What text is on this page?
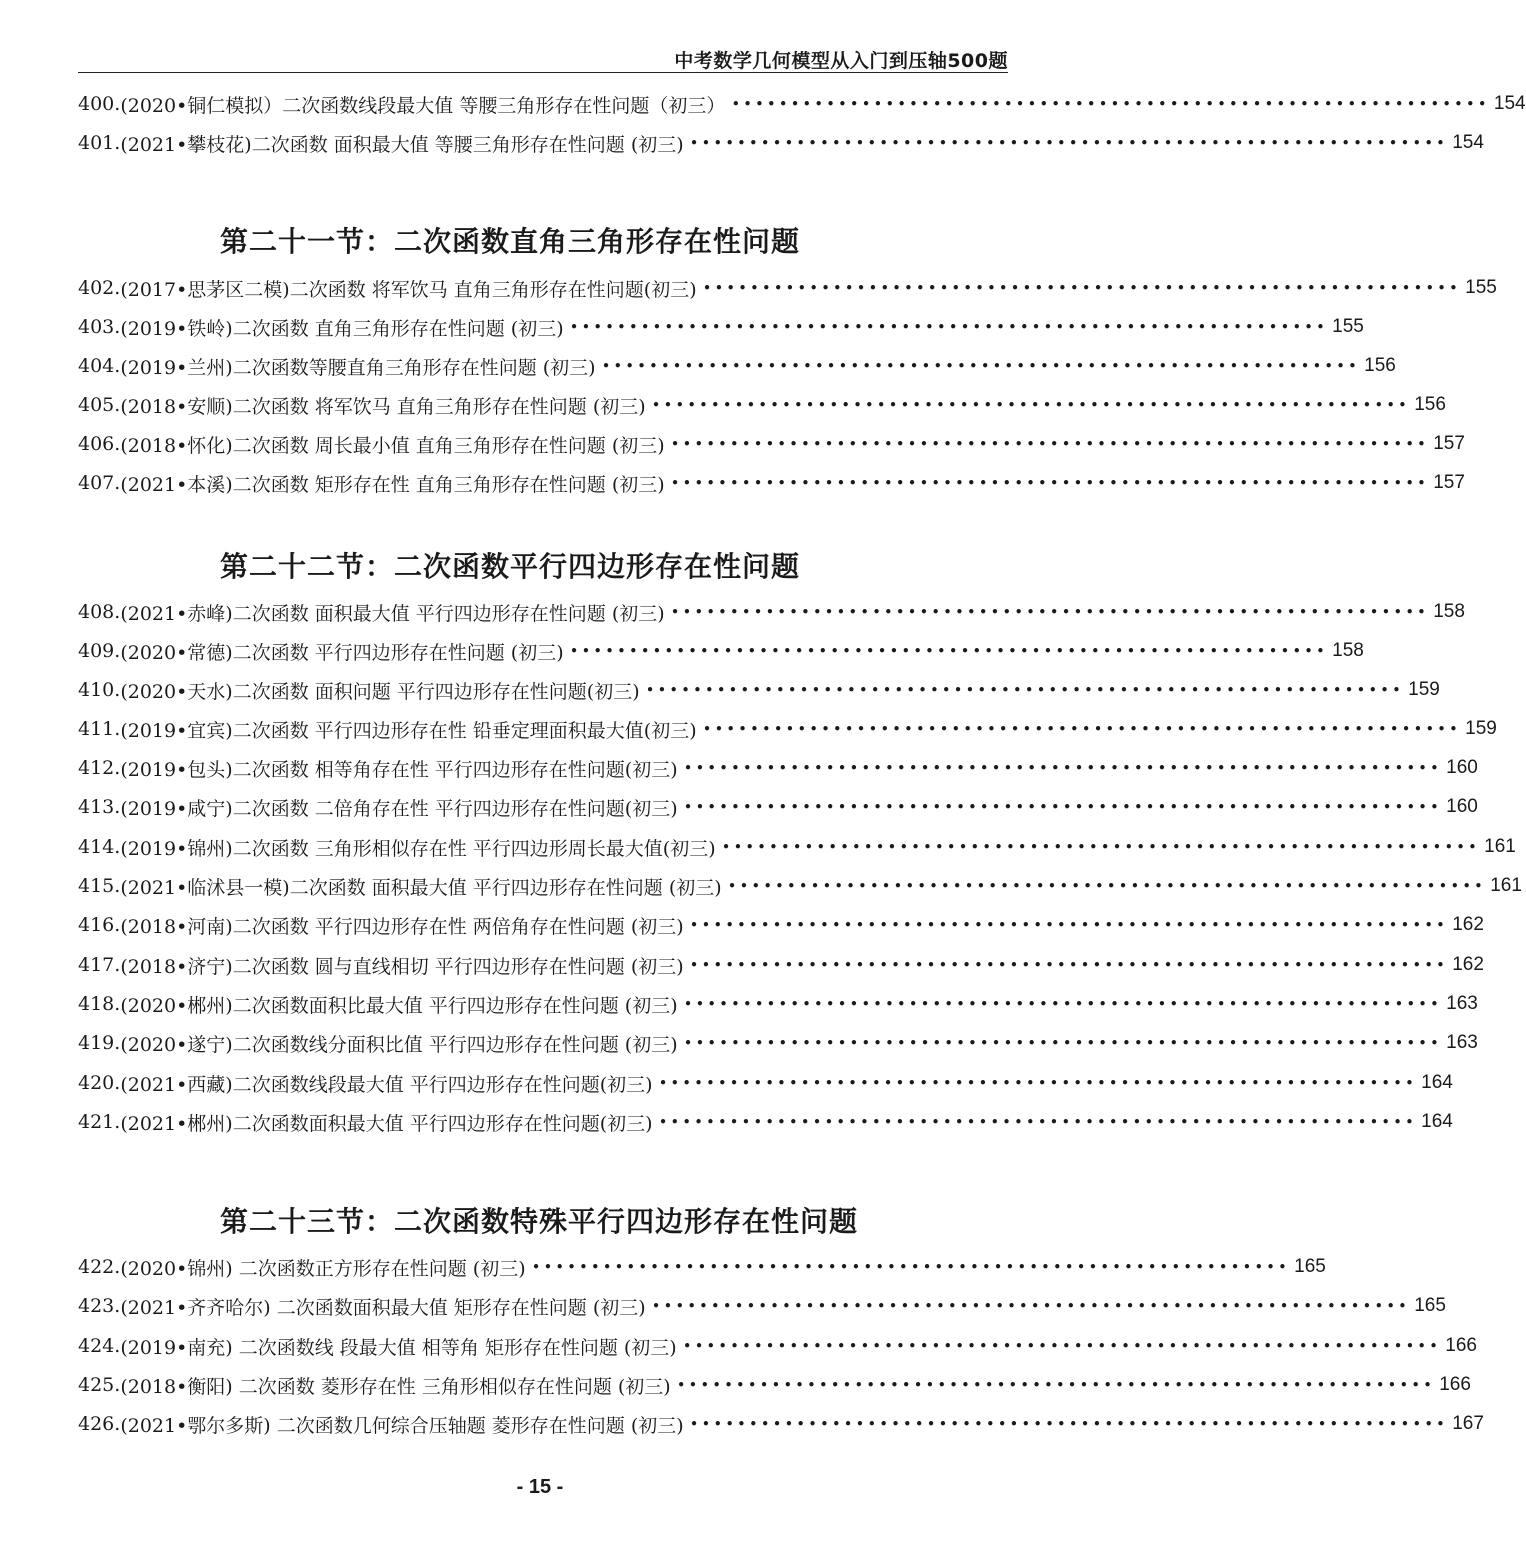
中考数学几何模型从入门到压轴500题
400. (2020•铜仁模拟）二次函数线段最大值 等腰三角形存在性问题（初三） •••••••••••••••••••••••••••••••••••••••••••••••••••••••••••••••• 154
401. (2021•攀枝花)二次函数 面积最大值 等腰三角形存在性问题 (初三) •••••••••••••••••••••••••••••••••••••••••••••••••••••••••••••••• 154
第二十一节：二次函数直角三角形存在性问题
402. (2017•思茅区二模)二次函数 将军饮马 直角三角形存在性问题(初三) •••••••••••••••••••••••••••••••••••••••••••••••••••••••••••••••• 155
403. (2019•铁岭)二次函数 直角三角形存在性问题 (初三) •••••••••••••••••••••••••••••••••••••••••••••••••••••••••••••••• 155
404. (2019•兰州)二次函数等腰直角三角形存在性问题 (初三) •••••••••••••••••••••••••••••••••••••••••••••••••••••••••••••••• 156
405. (2018•安顺)二次函数 将军饮马 直角三角形存在性问题 (初三) •••••••••••••••••••••••••••••••••••••••••••••••••••••••••••••••• 156
406. (2018•怀化)二次函数 周长最小值 直角三角形存在性问题 (初三) •••••••••••••••••••••••••••••••••••••••••••••••••••••••••••••••• 157
407. (2021•本溪)二次函数 矩形存在性 直角三角形存在性问题 (初三) •••••••••••••••••••••••••••••••••••••••••••••••••••••••••••••••• 157
第二十二节：二次函数平行四边形存在性问题
408. (2021•赤峰)二次函数 面积最大值 平行四边形存在性问题 (初三) •••••••••••••••••••••••••••••••••••••••••••••••••••••••••••••••• 158
409. (2020•常德)二次函数 平行四边形存在性问题 (初三) •••••••••••••••••••••••••••••••••••••••••••••••••••••••••••••••• 158
410. (2020•天水)二次函数 面积问题 平行四边形存在性问题(初三) •••••••••••••••••••••••••••••••••••••••••••••••••••••••••••••••• 159
411. (2019•宜宾)二次函数 平行四边形存在性 铅垂定理面积最大值(初三) •••••••••••••••••••••••••••••••••••••••••••••••••••••••••••••••• 159
412. (2019•包头)二次函数 相等角存在性 平行四边形存在性问题(初三) •••••••••••••••••••••••••••••••••••••••••••••••••••••••••••••••• 160
413. (2019•咸宁)二次函数 二倍角存在性 平行四边形存在性问题(初三) •••••••••••••••••••••••••••••••••••••••••••••••••••••••••••••••• 160
414. (2019•锦州)二次函数 三角形相似存在性 平行四边形周长最大值(初三) •••••••••••••••••••••••••••••••••••••••••••••••••••••••••••••••• 161
415. (2021•临沭县一模)二次函数 面积最大值 平行四边形存在性问题 (初三) •••••••••••••••••••••••••••••••••••••••••••••••••••••••••••••••• 161
416. (2018•河南)二次函数 平行四边形存在性 两倍角存在性问题 (初三) •••••••••••••••••••••••••••••••••••••••••••••••••••••••••••••••• 162
417. (2018•济宁)二次函数 圆与直线相切 平行四边形存在性问题 (初三) •••••••••••••••••••••••••••••••••••••••••••••••••••••••••••••••• 162
418. (2020•郴州)二次函数面积比最大值 平行四边形存在性问题 (初三) •••••••••••••••••••••••••••••••••••••••••••••••••••••••••••••••• 163
419. (2020•遂宁)二次函数线分面积比值 平行四边形存在性问题 (初三) •••••••••••••••••••••••••••••••••••••••••••••••••••••••••••••••• 163
420. (2021•西藏)二次函数线段最大值 平行四边形存在性问题(初三) •••••••••••••••••••••••••••••••••••••••••••••••••••••••••••••••• 164
421. (2021•郴州)二次函数面积最大值 平行四边形存在性问题(初三) •••••••••••••••••••••••••••••••••••••••••••••••••••••••••••••••• 164
第二十三节：二次函数特殊平行四边形存在性问题
422. (2020•锦州) 二次函数正方形存在性问题 (初三) •••••••••••••••••••••••••••••••••••••••••••••••••••••••••••••••• 165
423. (2021•齐齐哈尔) 二次函数面积最大值 矩形存在性问题 (初三) •••••••••••••••••••••••••••••••••••••••••••••••••••••••••••••••• 165
424. (2019•南充) 二次函数线 段最大值 相等角 矩形存在性问题 (初三) •••••••••••••••••••••••••••••••••••••••••••••••••••••••••••••••• 166
425. (2018•衡阳) 二次函数 菱形存在性 三角形相似存在性问题 (初三) •••••••••••••••••••••••••••••••••••••••••••••••••••••••••••••••• 166
426. (2021•鄂尔多斯) 二次函数几何综合压轴题 菱形存在性问题 (初三) •••••••••••••••••••••••••••••••••••••••••••••••••••••••••••••••• 167
- 15 -
